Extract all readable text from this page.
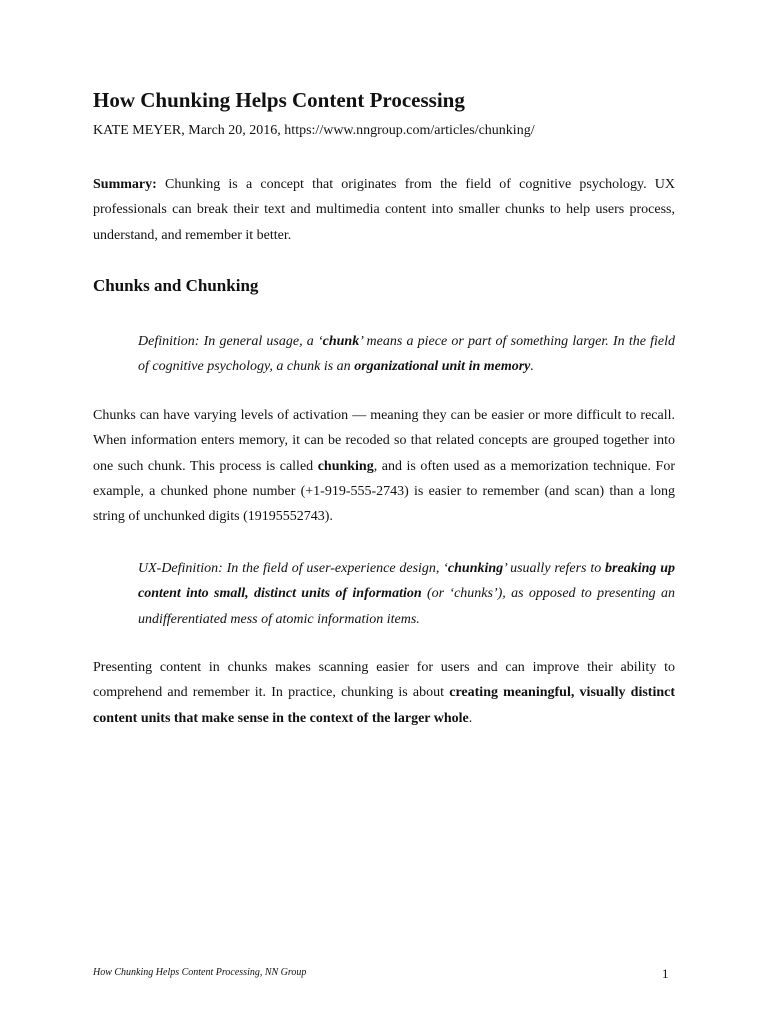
How Chunking Helps Content Processing
KATE MEYER, March 20, 2016, https://www.nngroup.com/articles/chunking/

Summary: Chunking is a concept that originates from the field of cognitive psychology. UX professionals can break their text and multimedia content into smaller chunks to help users process, understand, and remember it better.

Chunks and Chunking

Definition: In general usage, a ‘chunk’ means a piece or part of something larger. In the field of cognitive psychology, a chunk is an organizational unit in memory.

Chunks can have varying levels of activation — meaning they can be easier or more difficult to recall. When information enters memory, it can be recoded so that related concepts are grouped together into one such chunk. This process is called chunking, and is often used as a memorization technique. For example, a chunked phone number (+1-919-555-2743) is easier to remember (and scan) than a long string of unchunked digits (19195552743).

UX-Definition: In the field of user-experience design, ‘chunking’ usually refers to breaking up content into small, distinct units of information (or ‘chunks’), as opposed to presenting an undifferentiated mess of atomic information items.

Presenting content in chunks makes scanning easier for users and can improve their ability to comprehend and remember it. In practice, chunking is about creating meaningful, visually distinct content units that make sense in the context of the larger whole.

How Chunking Helps Content Processing, NN Group	1
